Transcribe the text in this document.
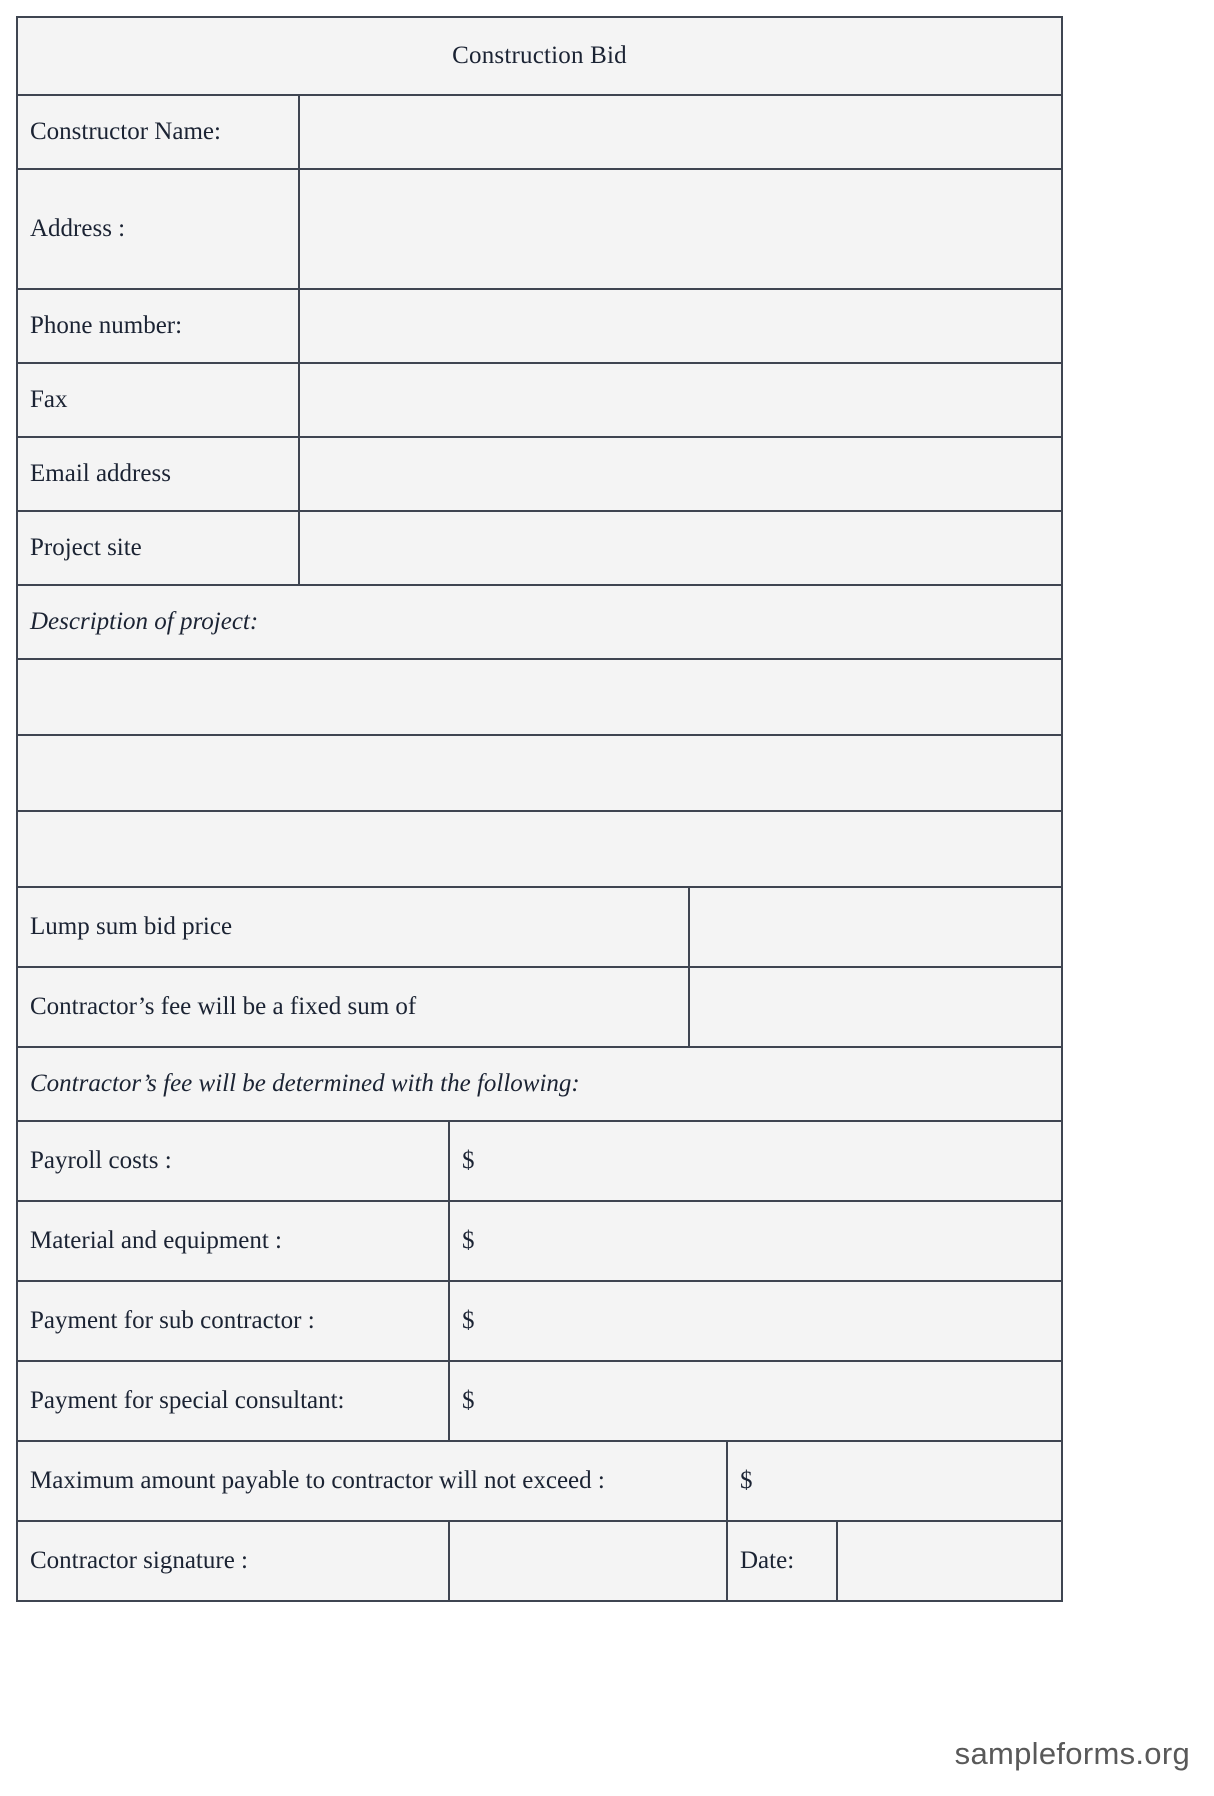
Construction Bid					
Constructor Name:					
Address :					
Phone number:					
Fax					
Email address					
Project site					
Description of project:					

Lump sum bid price					
Contractor’s fee will be a fixed sum of					
Contractor’s fee will be determined with the following:					
Payroll costs :		$			
Material and equipment :		$			
Payment for sub contractor :		$			
Payment for special consultant:		$			
Maximum amount payable to contractor will not exceed :				$	
Contractor signature :				Date:	
sampleforms.org
